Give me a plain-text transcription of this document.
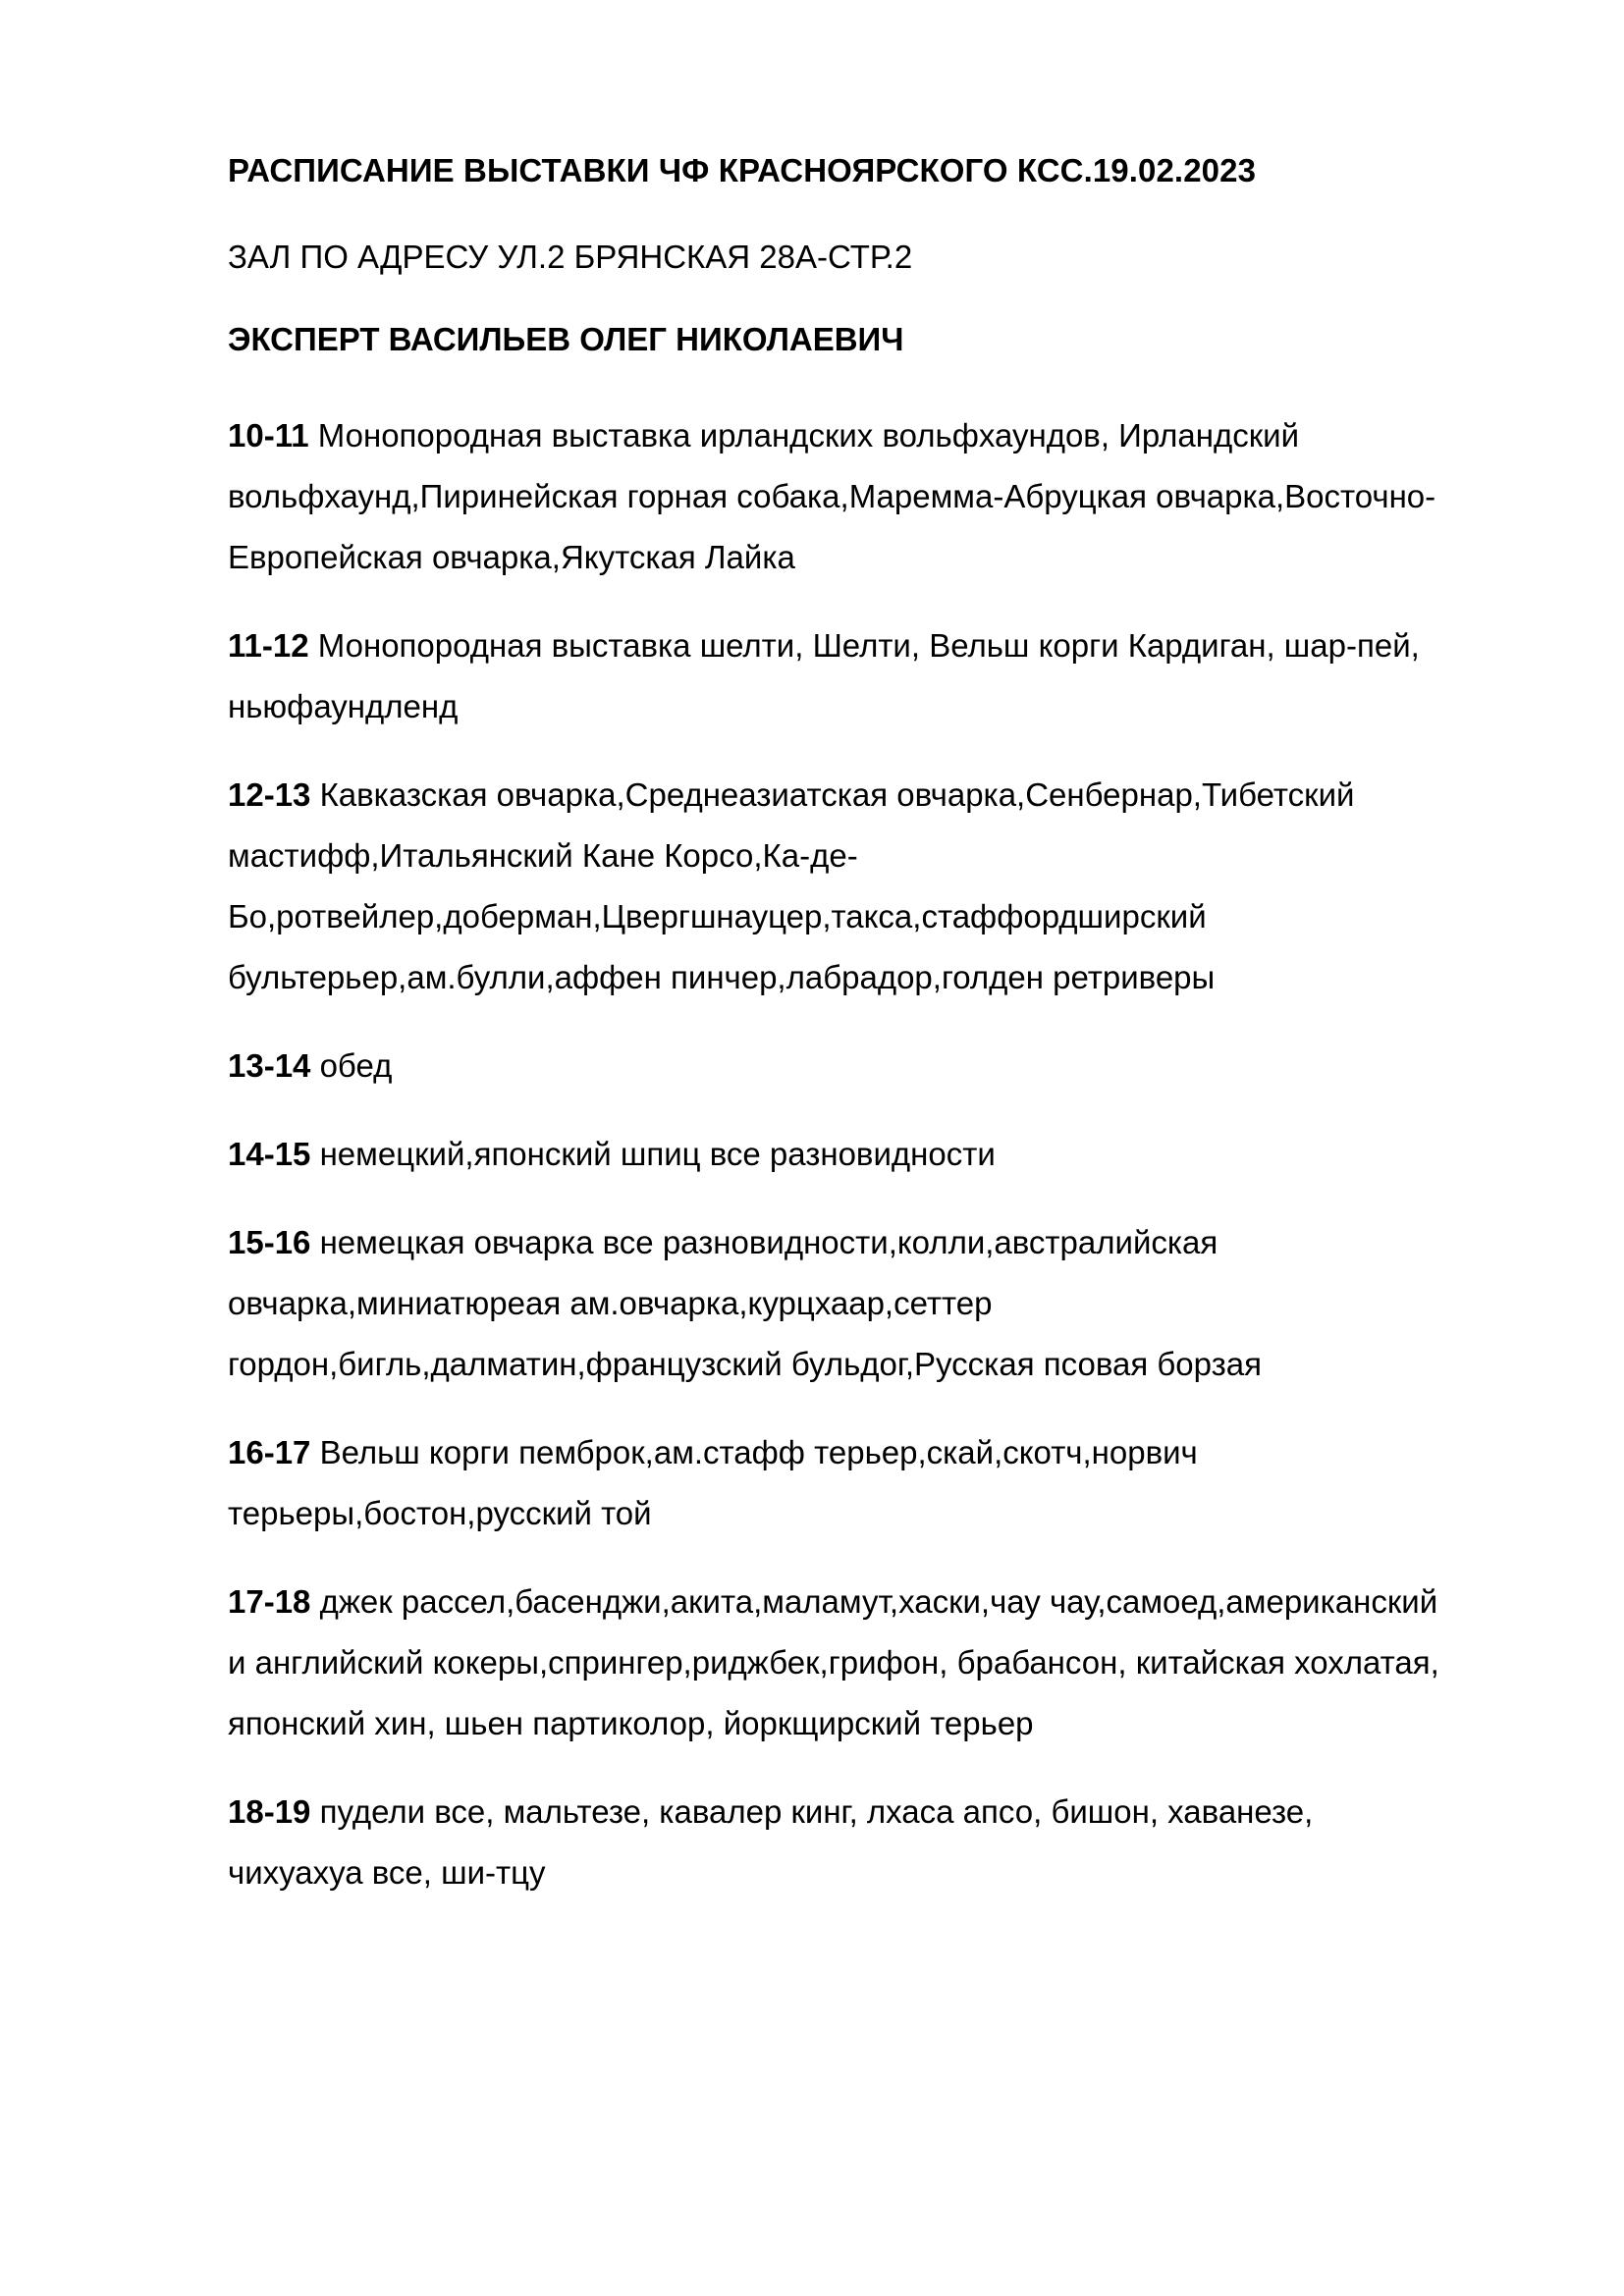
РАСПИСАНИЕ ВЫСТАВКИ ЧФ КРАСНОЯРСКОГО КСС.19.02.2023

ЗАЛ ПО АДРЕСУ УЛ.2 БРЯНСКАЯ 28А-СТР.2

ЭКСПЕРТ ВАСИЛЬЕВ ОЛЕГ НИКОЛАЕВИЧ

10-11 Монопородная выставка ирландских вольфхаундов, Ирландский вольфхаунд,Пиринейская горная собака,Маремма-Абруцкая овчарка,Восточно-Европейская овчарка,Якутская Лайка

11-12 Монопородная выставка шелти, Шелти, Вельш корги Кардиган, шар-пей, ньюфаундленд

12-13 Кавказская овчарка,Среднеазиатская овчарка,Сенбернар,Тибетский мастифф,Итальянский Кане Корсо,Ка-де-Бо,ротвейлер,доберман,Цвергшнауцер,такса,стаффордширский бультерьер,ам.булли,аффен пинчер,лабрадор,голден ретриверы

13-14 обед

14-15 немецкий,японский шпиц все разновидности

15-16 немецкая овчарка все разновидности,колли,австралийская овчарка,миниатюреая ам.овчарка,курцхаар,сеттер гордон,бигль,далматин,французский бульдог,Русская псовая борзая

16-17 Вельш корги пемброк,ам.стафф терьер,скай,скотч,норвич терьеры,бостон,русский той

17-18 джек рассел,басенджи,акита,маламут,хаски,чау чау,самоед,американский и английский кокеры,спрингер,риджбек,грифон, брабансон, китайская хохлатая, японский хин, шьен партиколор, йоркщирский терьер

18-19 пудели все, мальтезе, кавалер кинг, лхаса апсо, бишон, хаванезе, чихуахуа все, ши-тцу
